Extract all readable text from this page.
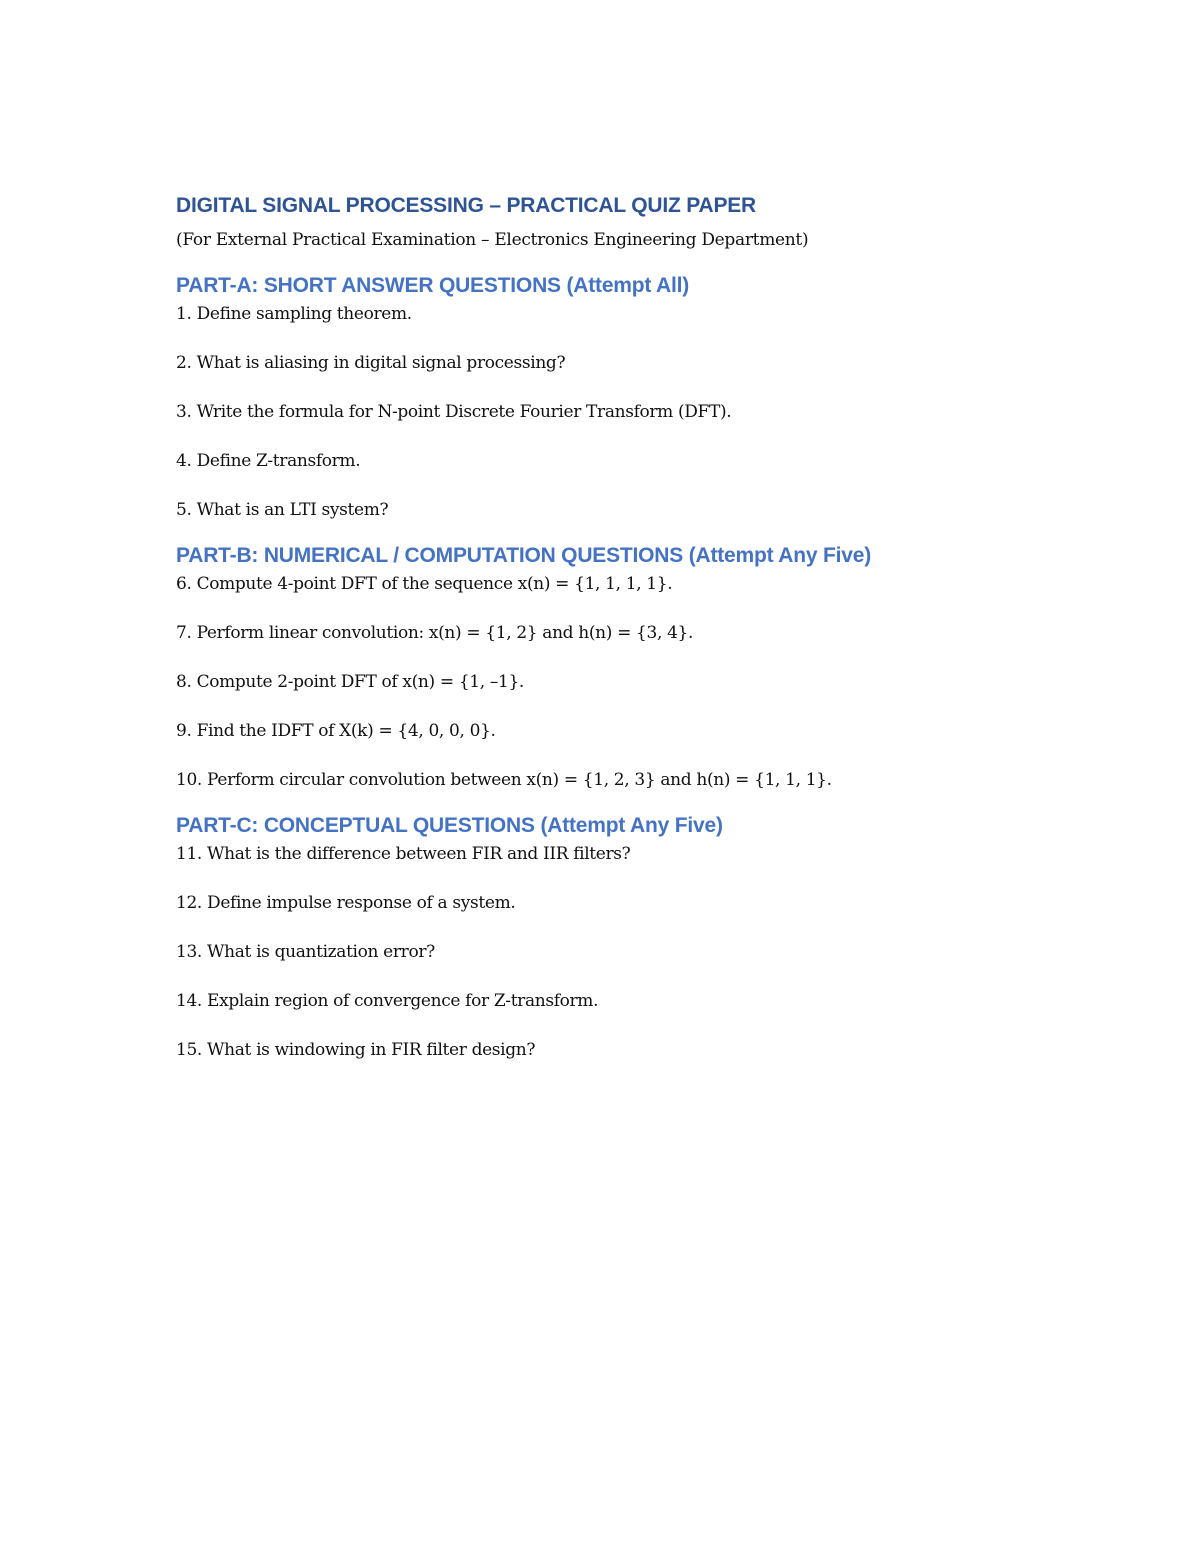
DIGITAL SIGNAL PROCESSING – PRACTICAL QUIZ PAPER

(For External Practical Examination – Electronics Engineering Department)

PART-A: SHORT ANSWER QUESTIONS (Attempt All)
1. Define sampling theorem.
2. What is aliasing in digital signal processing?
3. Write the formula for N-point Discrete Fourier Transform (DFT).
4. Define Z-transform.
5. What is an LTI system?
PART-B: NUMERICAL / COMPUTATION QUESTIONS (Attempt Any Five)
6. Compute 4-point DFT of the sequence x(n) = {1, 1, 1, 1}.
7. Perform linear convolution: x(n) = {1, 2} and h(n) = {3, 4}.
8. Compute 2-point DFT of x(n) = {1, –1}.
9. Find the IDFT of X(k) = {4, 0, 0, 0}.
10. Perform circular convolution between x(n) = {1, 2, 3} and h(n) = {1, 1, 1}.
PART-C: CONCEPTUAL QUESTIONS (Attempt Any Five)
11. What is the difference between FIR and IIR filters?
12. Define impulse response of a system.
13. What is quantization error?
14. Explain region of convergence for Z-transform.
15. What is windowing in FIR filter design?
